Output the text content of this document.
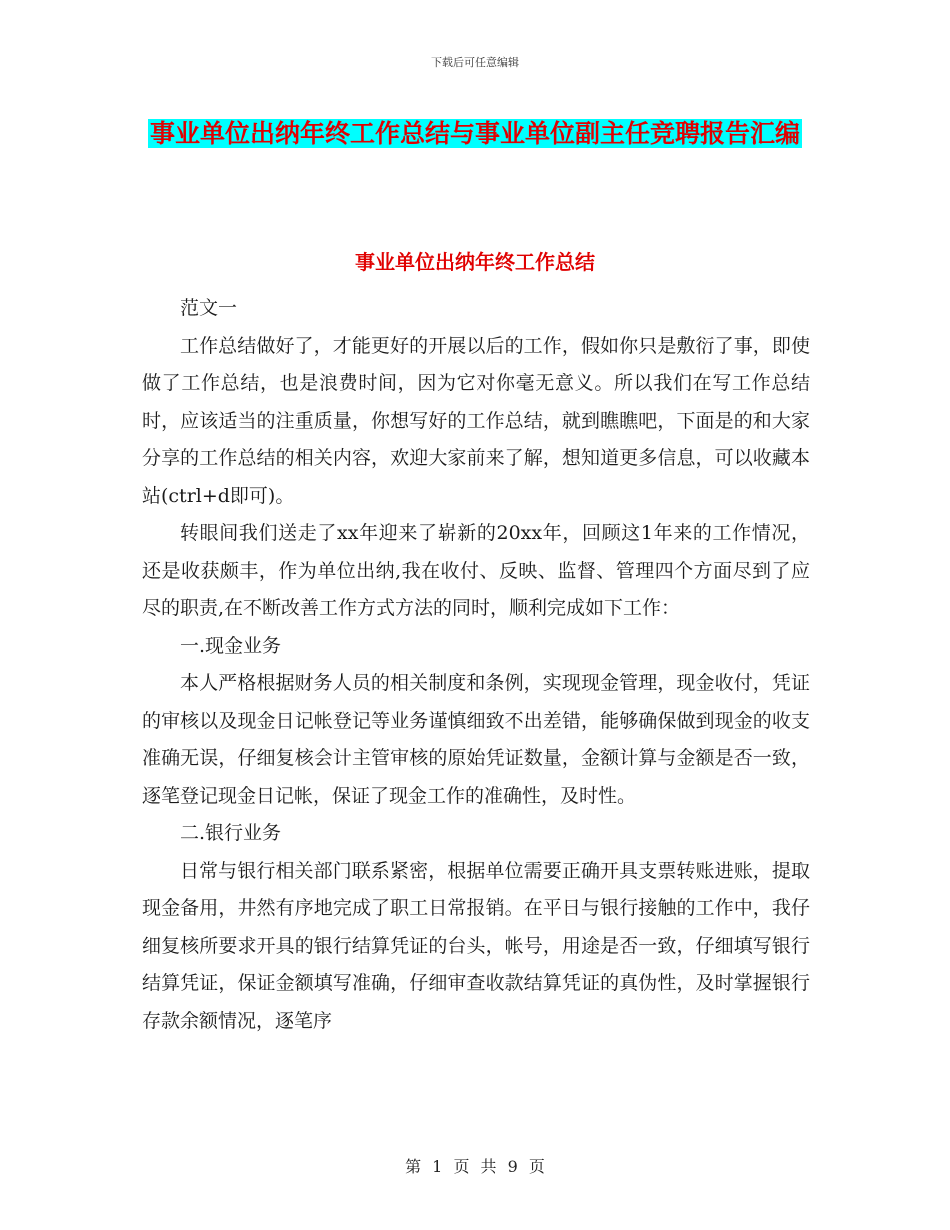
下载后可任意编辑
事业单位出纳年终工作总结与事业单位副主任竞聘报告汇编
事业单位出纳年终工作总结

范文一

工作总结做好了，才能更好的开展以后的工作，假如你只是敷衍了事，即使做了工作总结，也是浪费时间，因为它对你毫无意义。所以我们在写工作总结时，应该适当的注重质量，你想写好的工作总结，就到瞧瞧吧，下面是的和大家分享的工作总结的相关内容，欢迎大家前来了解，想知道更多信息，可以收藏本站(ctrl+d即可)。

转眼间我们送走了xx年迎来了崭新的20xx年，回顾这1年来的工作情况，还是收获颇丰，作为单位出纳,我在收付、反映、监督、管理四个方面尽到了应尽的职责,在不断改善工作方式方法的同时，顺利完成如下工作：

一.现金业务

本人严格根据财务人员的相关制度和条例，实现现金管理，现金收付，凭证的审核以及现金日记帐登记等业务谨慎细致不出差错，能够确保做到现金的收支准确无误，仔细复核会计主管审核的原始凭证数量，金额计算与金额是否一致，逐笔登记现金日记帐，保证了现金工作的准确性，及时性。

二.银行业务

日常与银行相关部门联系紧密，根据单位需要正确开具支票转账进账，提取现金备用，井然有序地完成了职工日常报销。在平日与银行接触的工作中，我仔细复核所要求开具的银行结算凭证的台头，帐号，用途是否一致，仔细填写银行结算凭证，保证金额填写准确，仔细审查收款结算凭证的真伪性，及时掌握银行存款余额情况，逐笔序

第 1 页 共 9 页
